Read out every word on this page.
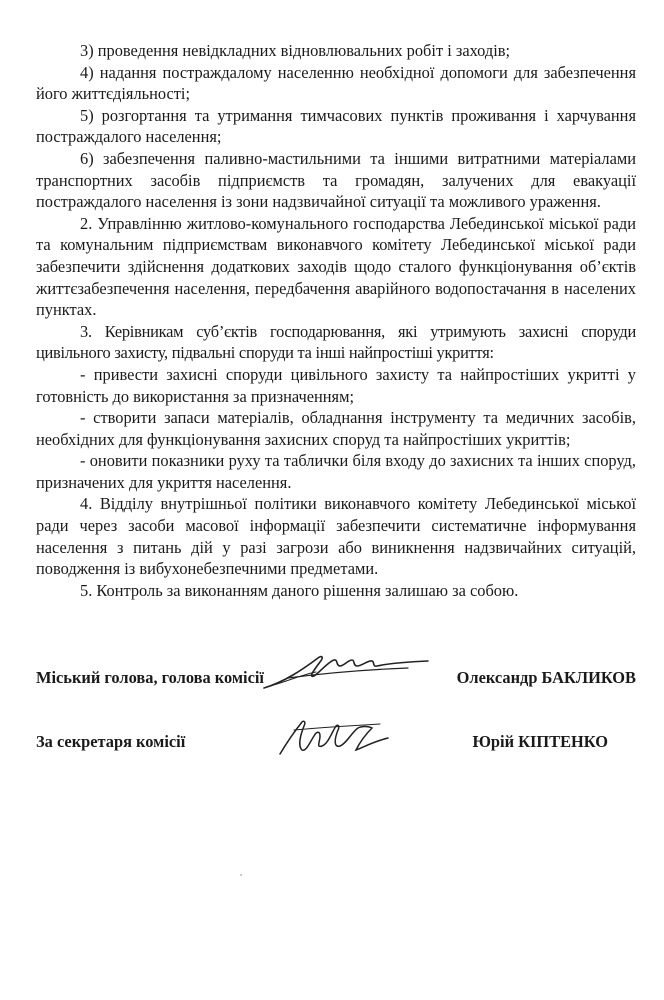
3) проведення невідкладних відновлювальних робіт і заходів;

4) надання постраждалому населенню необхідної допомоги для забезпечення його життєдіяльності;

5) розгортання та утримання тимчасових пунктів проживання і харчування постраждалого населення;

6) забезпечення паливно-мастильними та іншими витратними матеріалами транспортних засобів підприємств та громадян, залучених для евакуації постраждалого населення із зони надзвичайної ситуації та можливого ураження.

2. Управлінню житлово-комунального господарства Лебединської міської ради та комунальним підприємствам виконавчого комітету Лебединської міської ради забезпечити здійснення додаткових заходів щодо сталого функціонування об’єктів життєзабезпечення населення, передбачення аварійного водопостачання в населених пунктах.

3. Керівникам суб’єктів господарювання, які утримують захисні споруди цивільного захисту, підвальні споруди та інші найпростіші укриття:

- привести захисні споруди цивільного захисту та найпростіших укритті у готовність до використання за призначенням;

- створити запаси матеріалів, обладнання інструменту та медичних засобів, необхідних для функціонування захисних споруд та найпростіших укриттів;

- оновити показники руху та таблички біля входу до захисних та інших споруд, призначених для укриття населення.

4. Відділу внутрішньої політики виконавчого комітету Лебединської міської ради через засоби масової інформації забезпечити систематичне інформування населення з питань дій у разі загрози або виникнення надзвичайних ситуацій, поводження із вибухонебезпечними предметами.

5. Контроль за виконанням даного рішення залишаю за собою.

Міський голова, голова комісії	Олександр БАКЛИКОВ
За секретаря комісії	Юрій КІПТЕНКО
